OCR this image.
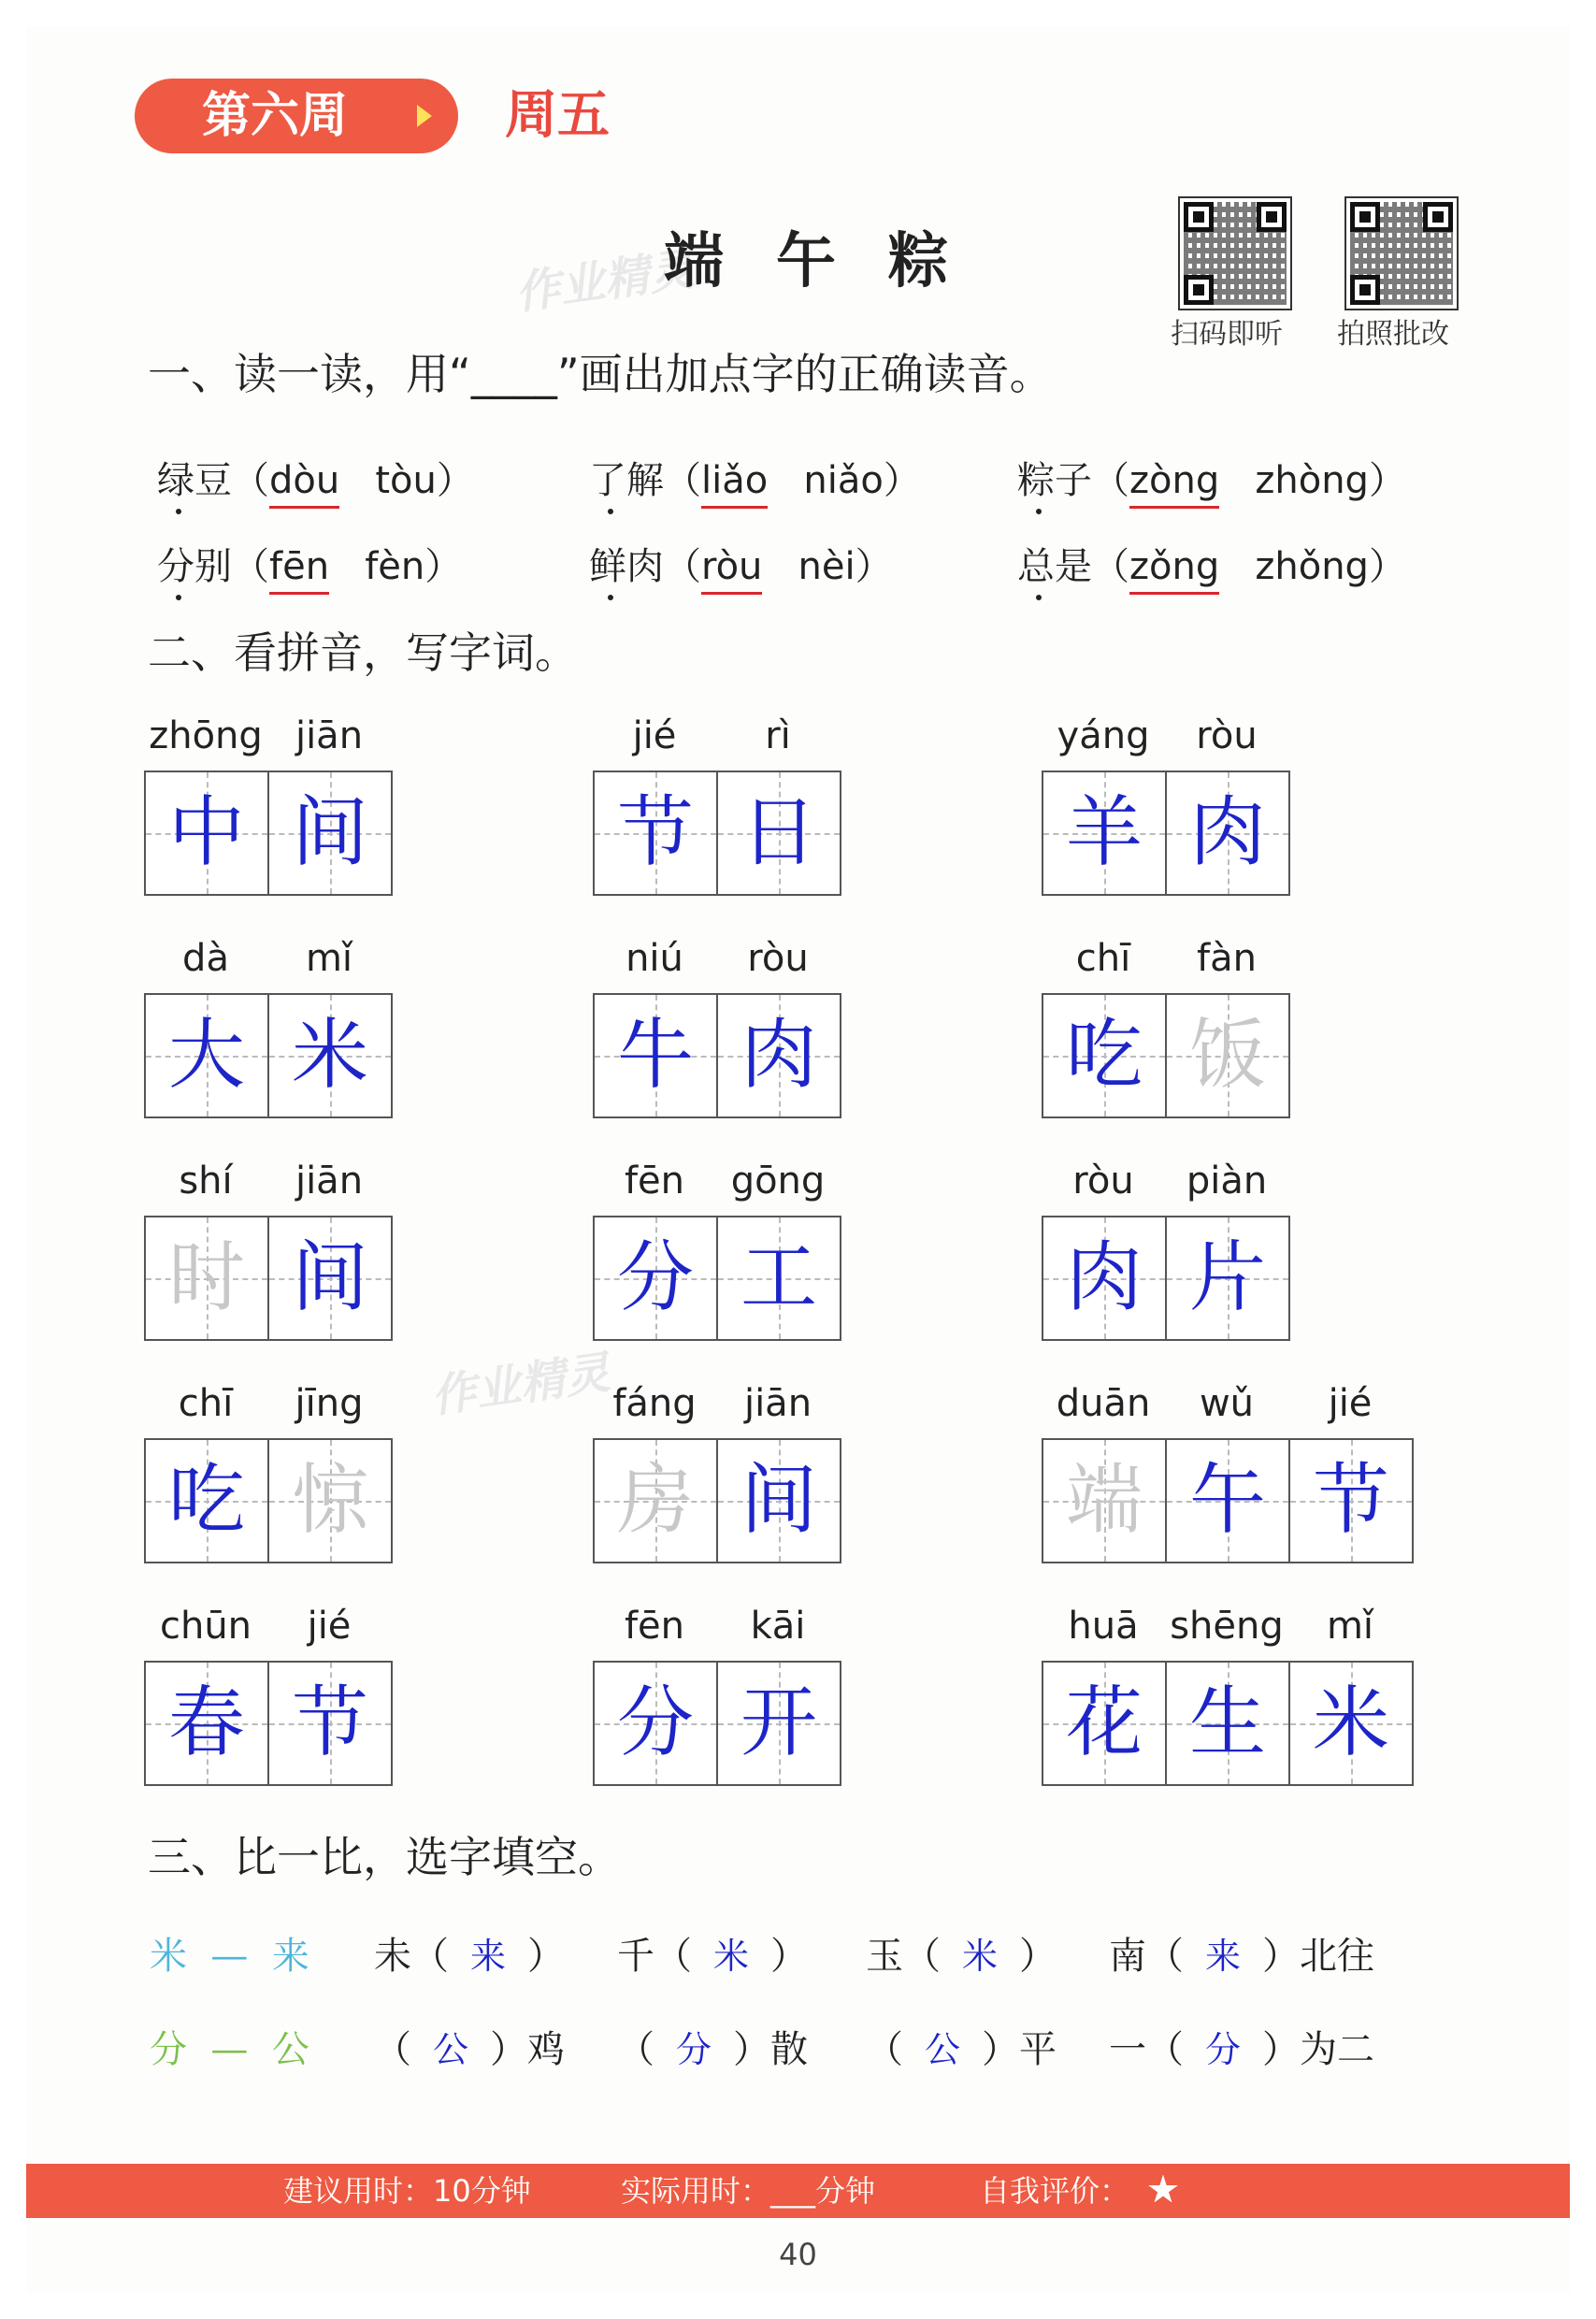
第六周	周五
作业精灵
作业精灵
端午粽
扫码即听 拍照批改
一、读一读，用“____”画出加点字的正确读音。
绿豆（dòu tòu）	了解（liǎo niǎo）	粽子（zòng zhòng）
分别（fēn fèn）	鲜肉（ròu nèi）	总是（zǒng zhǒng）
二、看拼音，写字词。
zhōng jiān
中 间
jié	rì
节 日
yáng	ròu
羊 肉
dà	mǐ
大 米
niú	ròu
牛 肉
chī	fàn
吃 饭
shí	jiān
时 间
fēn	gōng
分 工
ròu	piàn
肉 片
chī	jīng
吃 惊
fáng	jiān
房 间
duān	wǔ	jié
端 午 节
chūn	jié
春 节
fēn	kāi
分 开
huā shēng	mǐ
花 生 米
三、比一比，选字填空。
米  —  来 未（ 来 ） 千（ 米 ） 玉（ 米 ） 南（ 来 ）北往
分  —  公 （ 公 ）鸡 （ 分 ）散 （ 公 ）平 一（ 分 ）为二
建议用时：10分钟	实际用时：___分钟	自我评价：
40
